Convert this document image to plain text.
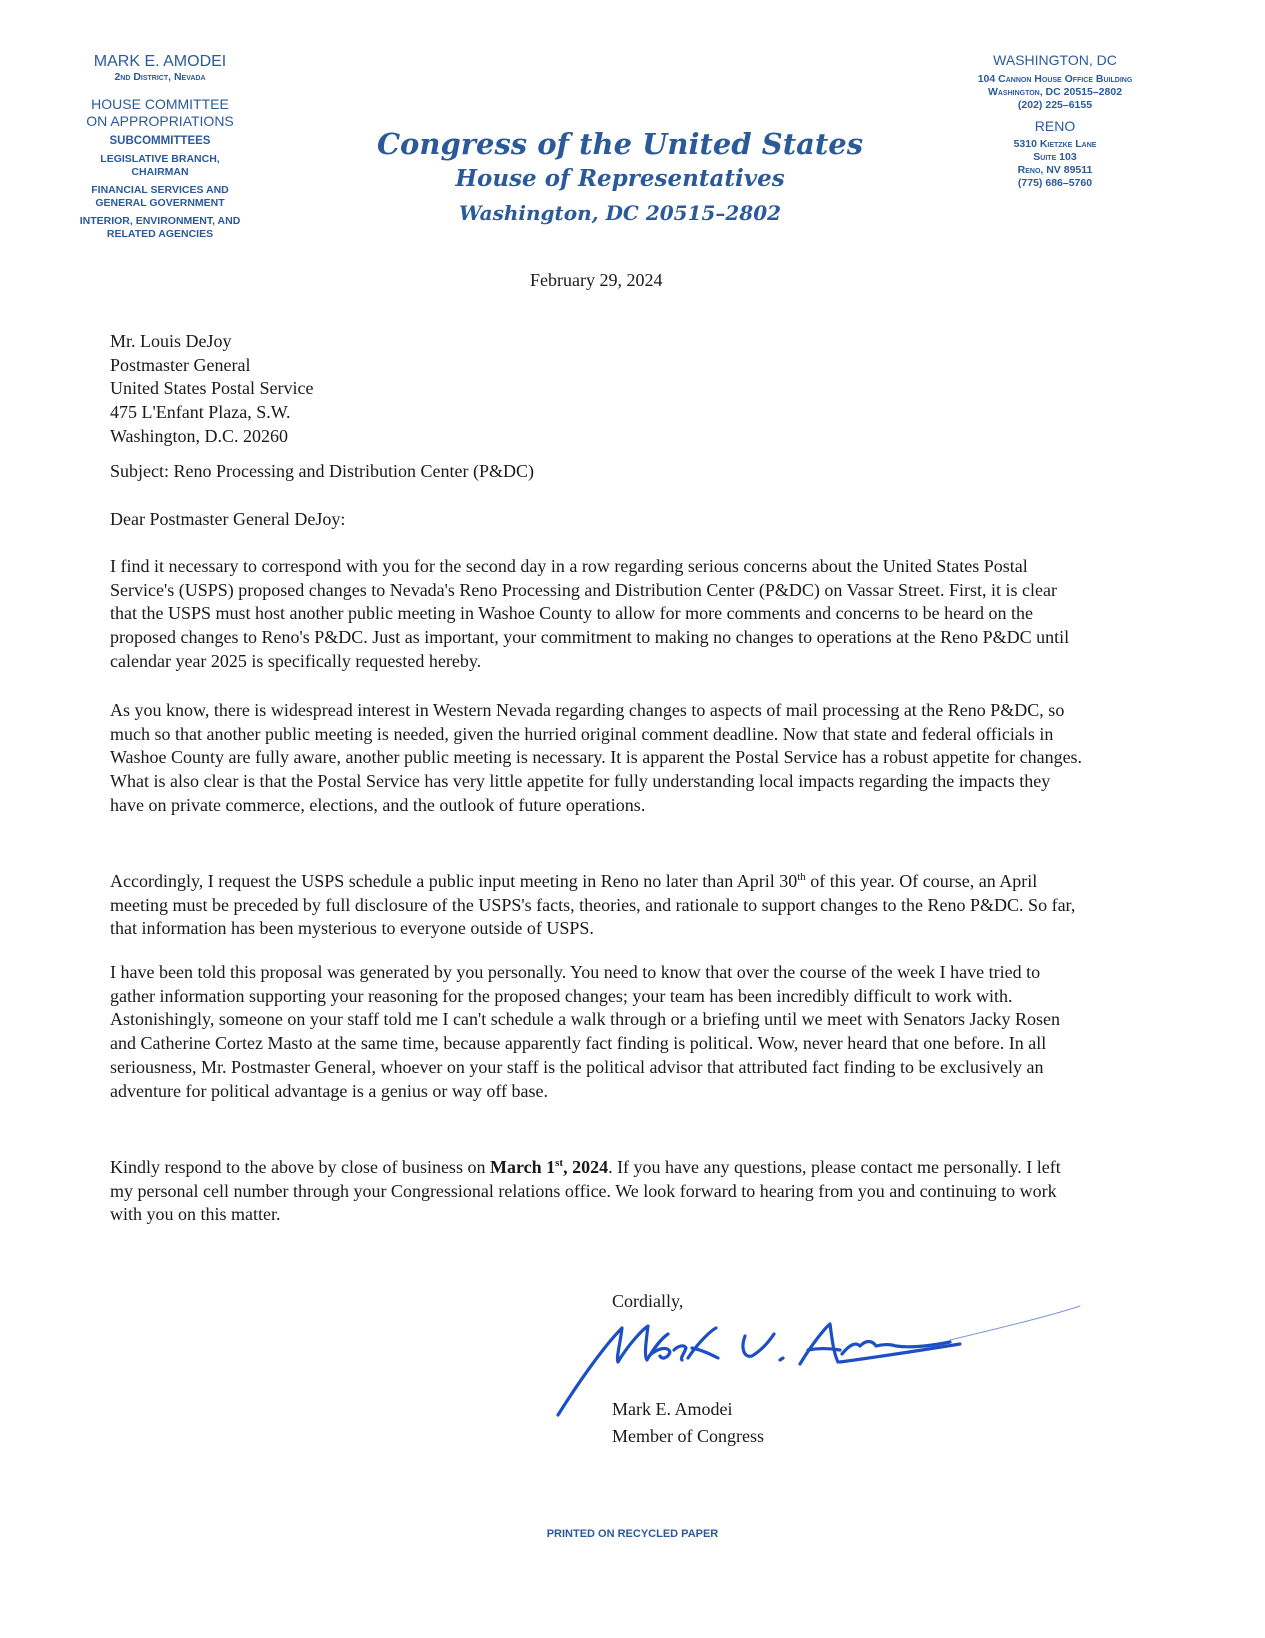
MARK E. AMODEI
2nd District, Nevada
HOUSE COMMITTEE
ON APPROPRIATIONS
SUBCOMMITTEES
LEGISLATIVE BRANCH,
CHAIRMAN
FINANCIAL SERVICES AND
GENERAL GOVERNMENT
INTERIOR, ENVIRONMENT, AND
RELATED AGENCIES
Congress of the United States
House of Representatives
Washington, DC 20515–2802
WASHINGTON, DC
104 Cannon House Office Building
Washington, DC 20515–2802
(202) 225–6155
RENO
5310 Kietzke Lane
Suite 103
Reno, NV 89511
(775) 686–5760
February 29, 2024
Mr. Louis DeJoy
Postmaster General
United States Postal Service
475 L'Enfant Plaza, S.W.
Washington, D.C. 20260
Subject: Reno Processing and Distribution Center (P&DC)
Dear Postmaster General DeJoy:

I find it necessary to correspond with you for the second day in a row regarding serious concerns about the United States Postal Service's (USPS) proposed changes to Nevada's Reno Processing and Distribution Center (P&DC) on Vassar Street. First, it is clear that the USPS must host another public meeting in Washoe County to allow for more comments and concerns to be heard on the proposed changes to Reno's P&DC. Just as important, your commitment to making no changes to operations at the Reno P&DC until calendar year 2025 is specifically requested hereby.

As you know, there is widespread interest in Western Nevada regarding changes to aspects of mail processing at the Reno P&DC, so much so that another public meeting is needed, given the hurried original comment deadline. Now that state and federal officials in Washoe County are fully aware, another public meeting is necessary. It is apparent the Postal Service has a robust appetite for changes. What is also clear is that the Postal Service has very little appetite for fully understanding local impacts regarding the impacts they have on private commerce, elections, and the outlook of future operations.

Accordingly, I request the USPS schedule a public input meeting in Reno no later than April 30th of this year. Of course, an April meeting must be preceded by full disclosure of the USPS's facts, theories, and rationale to support changes to the Reno P&DC. So far, that information has been mysterious to everyone outside of USPS.

I have been told this proposal was generated by you personally. You need to know that over the course of the week I have tried to gather information supporting your reasoning for the proposed changes; your team has been incredibly difficult to work with. Astonishingly, someone on your staff told me I can't schedule a walk through or a briefing until we meet with Senators Jacky Rosen and Catherine Cortez Masto at the same time, because apparently fact finding is political. Wow, never heard that one before. In all seriousness, Mr. Postmaster General, whoever on your staff is the political advisor that attributed fact finding to be exclusively an adventure for political advantage is a genius or way off base.

Kindly respond to the above by close of business on March 1st, 2024. If you have any questions, please contact me personally. I left my personal cell number through your Congressional relations office. We look forward to hearing from you and continuing to work with you on this matter.

Cordially,
Mark E. Amodei
Member of Congress
PRINTED ON RECYCLED PAPER
